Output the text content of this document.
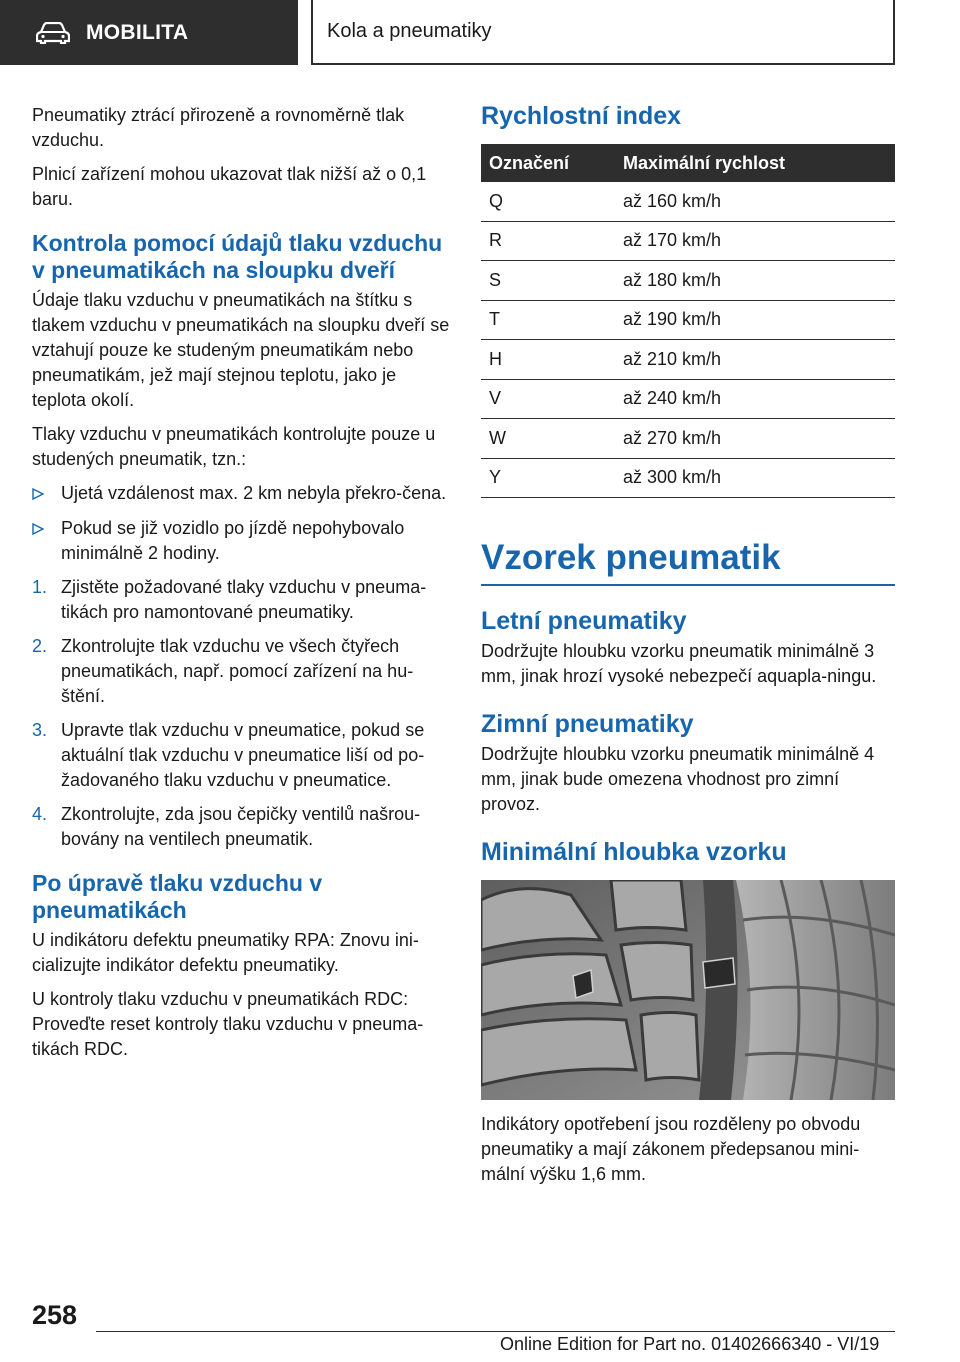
MOBILITA	Kola a pneumatiky

Pneumatiky ztrácí přirozeně a rovnoměrně tlak vzduchu.

Plnicí zařízení mohou ukazovat tlak nižší až o 0,1 baru.

Kontrola pomocí údajů tlaku vzduchu v pneumatikách na sloupku dveří

Údaje tlaku vzduchu v pneumatikách na štítku s tlakem vzduchu v pneumatikách na sloupku dveří se vztahují pouze ke studeným pneumatikám nebo pneumatikám, jež mají stejnou teplotu, jako je teplota okolí.

Tlaky vzduchu v pneumatikách kontrolujte pouze u studených pneumatik, tzn.:

Ujetá vzdálenost max. 2 km nebyla překro‐čena.
Pokud se již vozidlo po jízdě nepohybovalo minimálně 2 hodiny.
1. Zjistěte požadované tlaky vzduchu v pneuma‐tikách pro namontované pneumatiky.
2. Zkontrolujte tlak vzduchu ve všech čtyřech pneumatikách, např. pomocí zařízení na hu‐štění.
3. Upravte tlak vzduchu v pneumatice, pokud se aktuální tlak vzduchu v pneumatice liší od po‐žadovaného tlaku vzduchu v pneumatice.
4. Zkontrolujte, zda jsou čepičky ventilů našrou‐bovány na ventilech pneumatik.
Po úpravě tlaku vzduchu v pneumatikách

U indikátoru defektu pneumatiky RPA: Znovu ini‐cializujte indikátor defektu pneumatiky.

U kontroly tlaku vzduchu v pneumatikách RDC: Proveďte reset kontroly tlaku vzduchu v pneuma‐tikách RDC.

Rychlostní index
Označení	Maximální rychlost
Q	až 160 km/h
R	až 170 km/h
S	až 180 km/h
T	až 190 km/h
H	až 210 km/h
V	až 240 km/h
W	až 270 km/h
Y	až 300 km/h
Vzorek pneumatik
Letní pneumatiky

Dodržujte hloubku vzorku pneumatik minimálně 3 mm, jinak hrozí vysoké nebezpečí aquapla‐ningu.

Zimní pneumatiky

Dodržujte hloubku vzorku pneumatik minimálně 4 mm, jinak bude omezena vhodnost pro zimní provoz.

Minimální hloubka vzorku

Indikátory opotřebení jsou rozděleny po obvodu pneumatiky a mají zákonem předepsanou mini‐mální výšku 1,6 mm.

258
Online Edition for Part no. 01402666340 - VI/19
